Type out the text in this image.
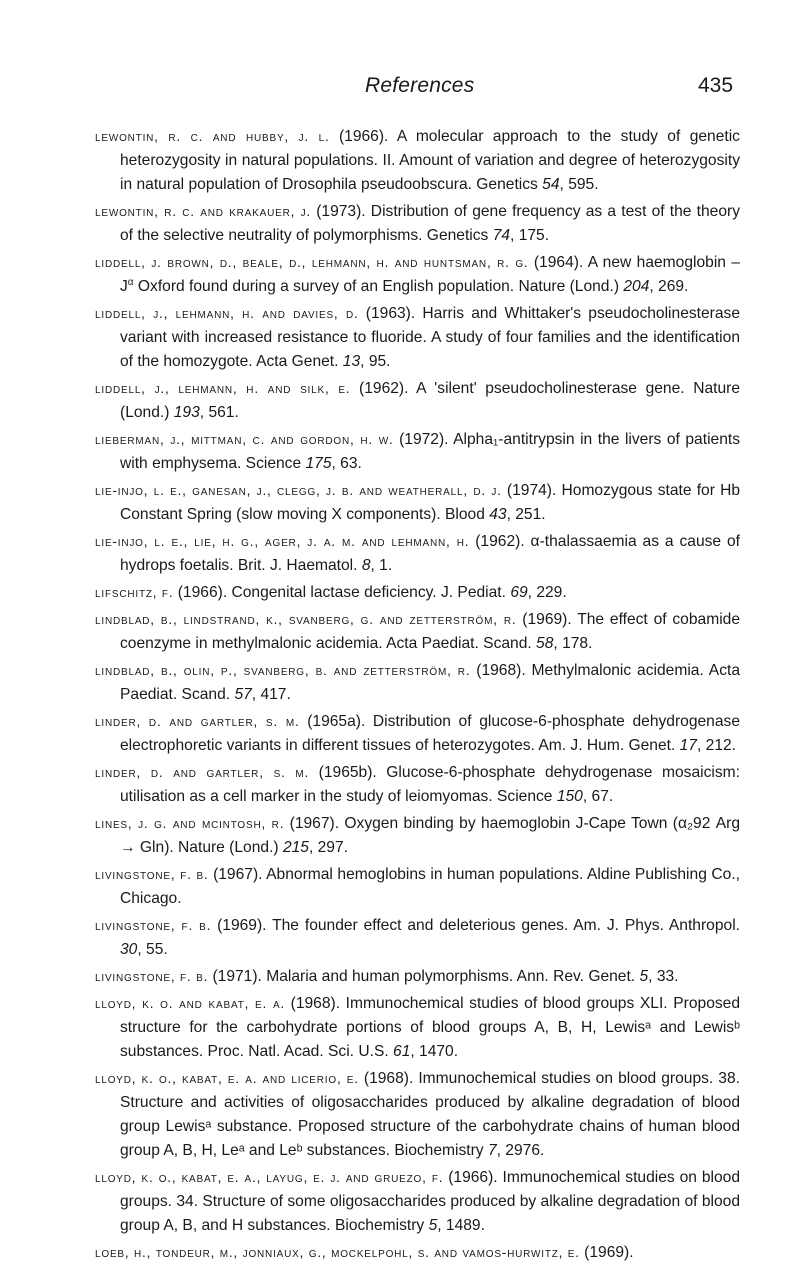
References	435

lewontin, r. c. and hubby, j. l. (1966). A molecular approach to the study of genetic heterozygosity in natural populations. II. Amount of variation and degree of heterozygosity in natural population of Drosophila pseudoobscura. Genetics 54, 595.

lewontin, r. c. and krakauer, j. (1973). Distribution of gene frequency as a test of the theory of the selective neutrality of polymorphisms. Genetics 74, 175.

liddell, j. brown, d., beale, d., lehmann, h. and huntsman, r. g. (1964). A new haemoglobin – $J^\alpha$ Oxford found during a survey of an English population. Nature (Lond.) 204, 269.

liddell, j., lehmann, h. and davies, d. (1963). Harris and Whittaker's pseudocholinesterase variant with increased resistance to fluoride. A study of four families and the identification of the homozygote. Acta Genet. 13, 95.

liddell, j., lehmann, h. and silk, e. (1962). A 'silent' pseudocholinesterase gene. Nature (Lond.) 193, 561.

lieberman, j., mittman, c. and gordon, h. w. (1972). Alpha₁-antitrypsin in the livers of patients with emphysema. Science 175, 63.

lie-injo, l. e., ganesan, j., clegg, j. b. and weatherall, d. j. (1974). Homozygous state for Hb Constant Spring (slow moving X components). Blood 43, 251.

lie-injo, l. e., lie, h. g., ager, j. a. m. and lehmann, h. (1962). α-thalassaemia as a cause of hydrops foetalis. Brit. J. Haematol. 8, 1.

lifschitz, f. (1966). Congenital lactase deficiency. J. Pediat. 69, 229.

lindblad, b., lindstrand, k., svanberg, g. and zetterström, r. (1969). The effect of cobamide coenzyme in methylmalonic acidemia. Acta Paediat. Scand. 58, 178.

lindblad, b., olin, p., svanberg, b. and zetterström, r. (1968). Methylmalonic acidemia. Acta Paediat. Scand. 57, 417.

linder, d. and gartler, s. m. (1965a). Distribution of glucose-6-phosphate dehydrogenase electrophoretic variants in different tissues of heterozygotes. Am. J. Hum. Genet. 17, 212.

linder, d. and gartler, s. m. (1965b). Glucose-6-phosphate dehydrogenase mosaicism: utilisation as a cell marker in the study of leiomyomas. Science 150, 67.

lines, j. g. and mcintosh, r. (1967). Oxygen binding by haemoglobin J-Cape Town (α₂92 Arg → Gln). Nature (Lond.) 215, 297.

livingstone, f. b. (1967). Abnormal hemoglobins in human populations. Aldine Publishing Co., Chicago.

livingstone, f. b. (1969). The founder effect and deleterious genes. Am. J. Phys. Anthropol. 30, 55.

livingstone, f. b. (1971). Malaria and human polymorphisms. Ann. Rev. Genet. 5, 33.

lloyd, k. o. and kabat, e. a. (1968). Immunochemical studies of blood groups XLI. Proposed structure for the carbohydrate portions of blood groups A, B, H, Lewisᵃ and Lewisᵇ substances. Proc. Natl. Acad. Sci. U.S. 61, 1470.

lloyd, k. o., kabat, e. a. and licerio, e. (1968). Immunochemical studies on blood groups. 38. Structure and activities of oligosaccharides produced by alkaline degradation of blood group Lewisᵃ substance. Proposed structure of the carbohydrate chains of human blood group A, B, H, Leᵃ and Leᵇ substances. Biochemistry 7, 2976.

lloyd, k. o., kabat, e. a., layug, e. j. and gruezo, f. (1966). Immunochemical studies on blood groups. 34. Structure of some oligosaccharides produced by alkaline degradation of blood group A, B, and H substances. Biochemistry 5, 1489.

loeb, h., tondeur, m., jonniaux, g., mockelpohl, s. and vamos-hurwitz, e. (1969).
